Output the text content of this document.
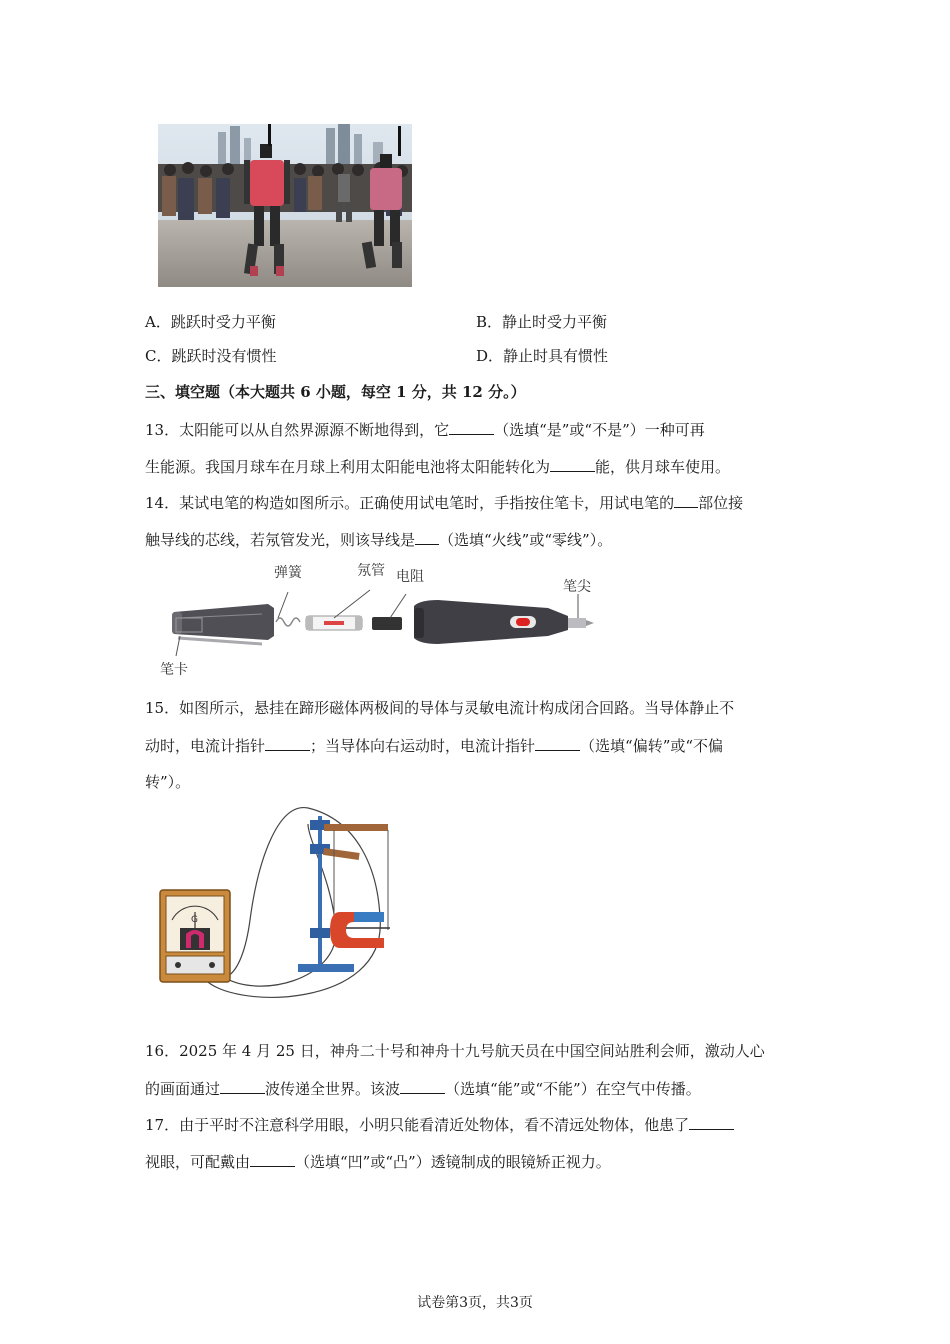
A．跳跃时受力平衡	B．静止时受力平衡
C．跳跃时没有惯性	D．静止时具有惯性
三、填空题（本大题共 6 小题，每空 1 分，共 12 分。）
13．太阳能可以从自然界源源不断地得到，它	（选填“是”或“不是”）一种可再
生能源。我国月球车在月球上利用太阳能电池将太阳能转化为	能，供月球车使用。
14．某试电笔的构造如图所示。正确使用试电笔时，手指按住笔卡，用试电笔的 部位接
触导线的芯线，若氖管发光，则该导线是 （选填“火线”或“零线”）。
弹簧	氖管 电阻
笔尖
笔卡
15．如图所示，悬挂在蹄形磁体两极间的导体与灵敏电流计构成闭合回路。当导体静止不
动时，电流计指针	；当导体向右运动时，电流计指针	（选填“偏转”或“不偏
转”）。
G
16．2025 年 4 月 25 日，神舟二十号和神舟十九号航天员在中国空间站胜利会师，激动人心
的画面通过	波传递全世界。该波	（选填“能”或“不能”）在空气中传播。
17．由于平时不注意科学用眼，小明只能看清近处物体，看不清远处物体，他患了
视眼，可配戴由	（选填“凹”或“凸”）透镜制成的眼镜矫正视力。
试卷第3页，共3页
